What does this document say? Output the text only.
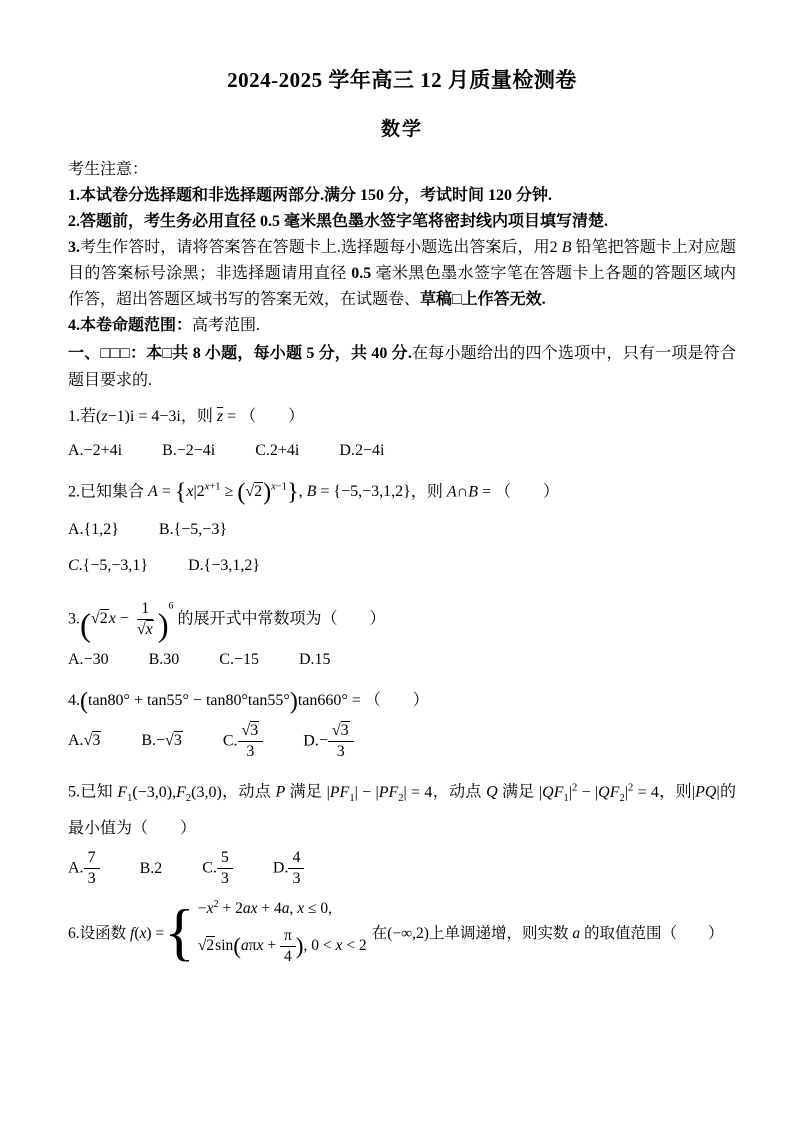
2024-2025 学年高三 12 月质量检测卷
数学

考生注意：

1.本试卷分选择题和非选择题两部分.满分 150 分，考试时间 120 分钟.

2.答题前，考生务必用直径 0.5 毫米黑色墨水签字笔将密封线内项目填写清楚.

3.考生作答时，请将答案答在答题卡上.选择题每小题选出答案后，用2 B 铅笔把答题卡上对应题目的答案标号涂黑；非选择题请用直径 0.5 毫米黑色墨水签字笔在答题卡上各题的答题区域内作答，超出答题区域书写的答案无效，在试题卷、草稿□上作答无效.

4.本卷命题范围：高考范围.

一、□□□：本□共 8 小题，每小题 5 分，共 40 分.在每小题给出的四个选项中，只有一项是符合题目要求的.

1.若(z−1)i = 4−3i，则 $\overline{z}$ = （  ）

A.−2+4i	B.−2−4i	C.2+4i	D.2−4i

2.已知集合 $A = \{x|2^{x+1} \ge (√2)^{x-1}\}$, B = {−5,−3,1,2}，则 A∩B = （  ）

A.{1,2}	B.{−5,−3}
C.{−5,−3,1}	D.{−3,1,2}

$3.(√2x - \frac{1}{√x} )^6$ 的展开式中常数项为（  ）

A.−30	B.30	C.−15	D.15

4.(tan80° + tan55° − tan80°tan55°)tan660° = （  ）

A.√3	B.−√3	C. $\frac{√3}{3}$	$D.- \frac{√3}{3}$

5.已知 $F_1(-3,0),F_2(3,0)$，动点 P 满足 $|PF_1| - |PF_2| = 4$，动点 Q 满足 $|QF_1|^2 - |QF_2|^2 = 4$，则|PQ|的最小值为（  ）

A. $\frac{7}{3}$	B.2	C. $\frac{5}{3}$	D. $\frac{4}{3}$
6.设函数 f(x) = { $-x^2 + 2ax + 4a$, x ≤ 0,
$√2\sin(a\pi x + \frac{\pi}{4}$ ), 0 < x < 2
在(−∞,2)上单调递增，则实数 a 的取值范围（  ）
